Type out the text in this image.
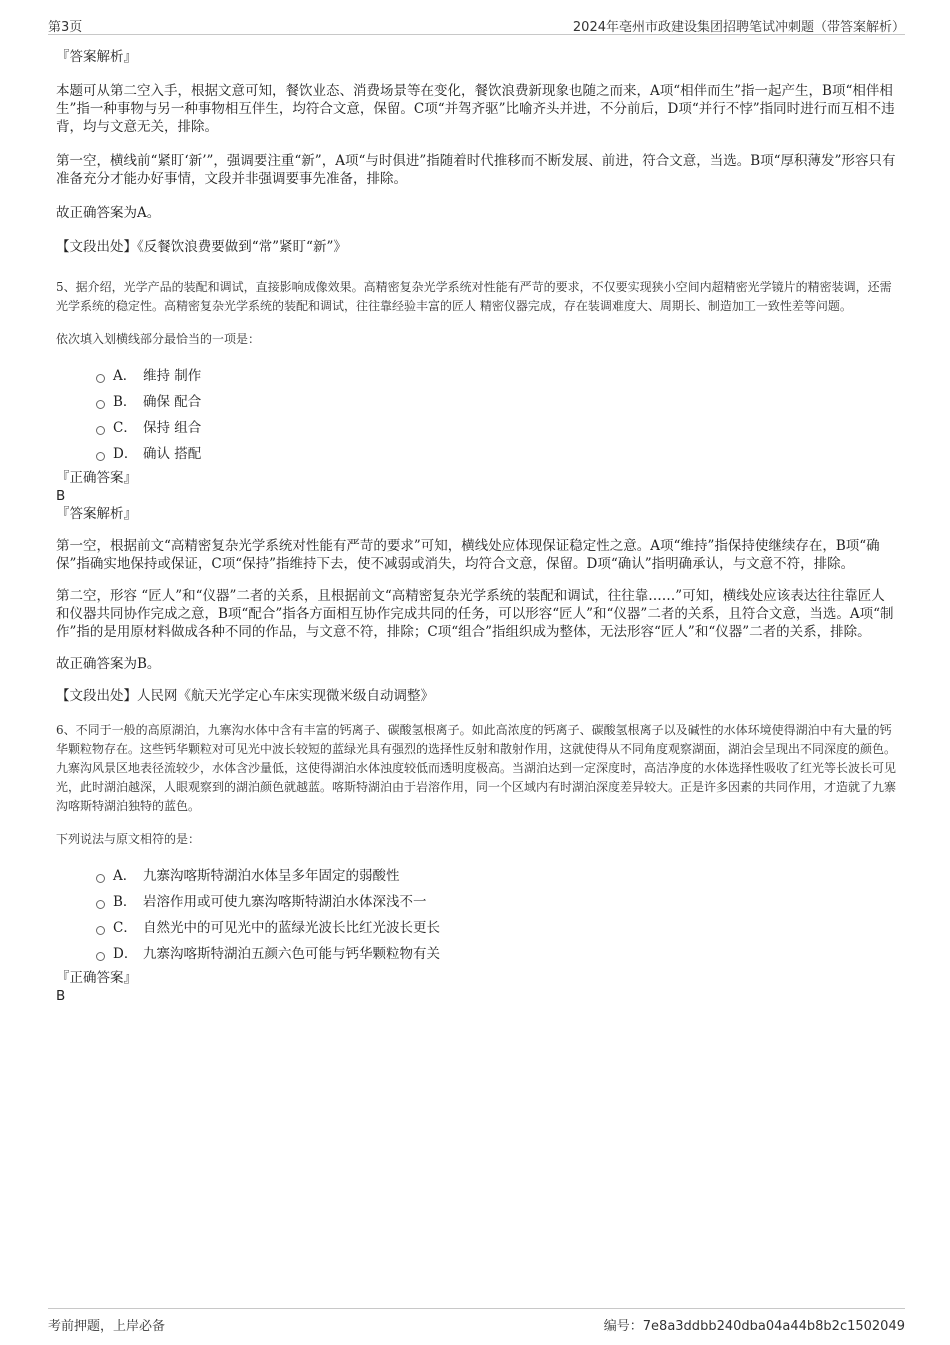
第3页	2024年亳州市政建设集团招聘笔试冲刺题（带答案解析）

『答案解析』

本题可从第二空入手，根据文意可知，餐饮业态、消费场景等在变化，餐饮浪费新现象也随之而来，A项“相伴而生”指一起产生，B项“相伴相生”指一种事物与另一种事物相互伴生，均符合文意，保留。C项“并驾齐驱”比喻齐头并进，不分前后，D项“并行不悖”指同时进行而互相不违背，均与文意无关，排除。

第一空，横线前“紧盯‘新’”，强调要注重“新”，A项“与时俱进”指随着时代推移而不断发展、前进，符合文意，当选。B项“厚积薄发”形容只有准备充分才能办好事情，文段并非强调要事先准备，排除。

故正确答案为A。

【文段出处】《反餐饮浪费要做到“常”紧盯“新”》

5、据介绍，光学产品的装配和调试，直接影响成像效果。高精密复杂光学系统对性能有严苛的要求，不仅要实现狭小空间内超精密光学镜片的精密装调，还需 光学系统的稳定性。高精密复杂光学系统的装配和调试，往往靠经验丰富的匠人 精密仪器完成，存在装调难度大、周期长、制造加工一致性差等问题。

依次填入划横线部分最恰当的一项是：

A． 维持 制作
B． 确保 配合
C． 保持 组合
D． 确认 搭配

『正确答案』

B

『答案解析』

第一空，根据前文“高精密复杂光学系统对性能有严苛的要求”可知，横线处应体现保证稳定性之意。A项“维持”指保持使继续存在，B项“确保”指确实地保持或保证，C项“保持”指维持下去，使不减弱或消失，均符合文意，保留。D项“确认”指明确承认，与文意不符，排除。

第二空，形容 “匠人”和“仪器”二者的关系，且根据前文“高精密复杂光学系统的装配和调试，往往靠……”可知，横线处应该表达往往靠匠人和仪器共同协作完成之意，B项“配合”指各方面相互协作完成共同的任务，可以形容“匠人”和“仪器”二者的关系，且符合文意，当选。A项“制作”指的是用原材料做成各种不同的作品，与文意不符，排除；C项“组合”指组织成为整体，无法形容“匠人”和“仪器”二者的关系，排除。

故正确答案为B。

【文段出处】人民网《航天光学定心车床实现微米级自动调整》

6、不同于一般的高原湖泊，九寨沟水体中含有丰富的钙离子、碳酸氢根离子。如此高浓度的钙离子、碳酸氢根离子以及碱性的水体环境使得湖泊中有大量的钙华颗粒物存在。这些钙华颗粒对可见光中波长较短的蓝绿光具有强烈的选择性反射和散射作用，这就使得从不同角度观察湖面，湖泊会呈现出不同深度的颜色。九寨沟风景区地表径流较少，水体含沙量低，这使得湖泊水体浊度较低而透明度极高。当湖泊达到一定深度时，高洁净度的水体选择性吸收了红光等长波长可见光，此时湖泊越深，人眼观察到的湖泊颜色就越蓝。喀斯特湖泊由于岩溶作用，同一个区域内有时湖泊深度差异较大。正是许多因素的共同作用，才造就了九寨沟喀斯特湖泊独特的蓝色。

下列说法与原文相符的是：

A． 九寨沟喀斯特湖泊水体呈多年固定的弱酸性
B． 岩溶作用或可使九寨沟喀斯特湖泊水体深浅不一
C． 自然光中的可见光中的蓝绿光波长比红光波长更长
D． 九寨沟喀斯特湖泊五颜六色可能与钙华颗粒物有关

『正确答案』

B

考前押题，上岸必备	编号：7e8a3ddbb240dba04a44b8b2c1502049
